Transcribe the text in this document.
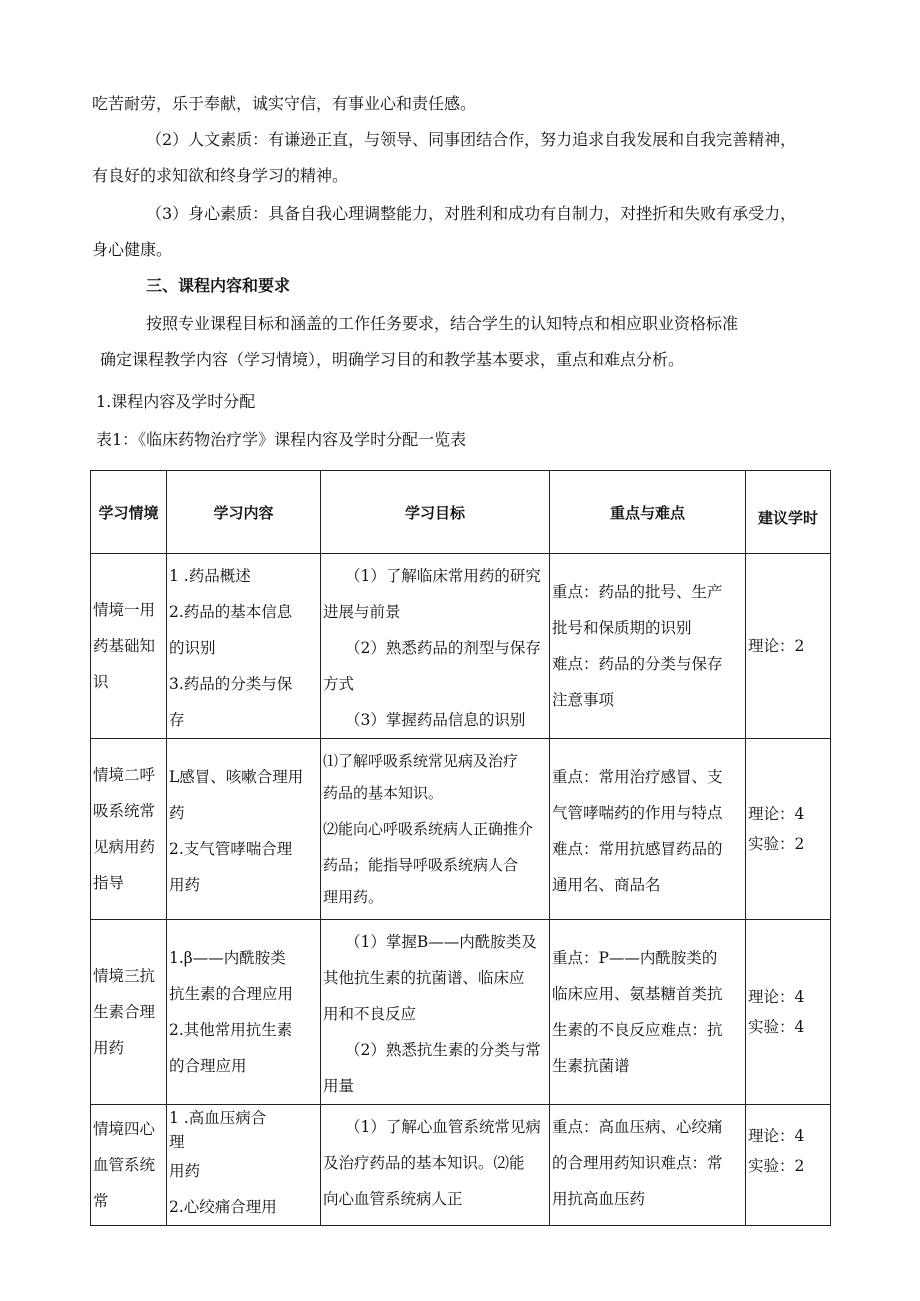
吃苦耐劳，乐于奉献，诚实守信，有事业心和责任感。

（2）人文素质：有谦逊正直，与领导、同事团结合作，努力追求自我发展和自我完善精神，

有良好的求知欲和终身学习的精神。

（3）身心素质：具备自我心理调整能力，对胜利和成功有自制力，对挫折和失败有承受力，

身心健康。

三、课程内容和要求

按照专业课程目标和涵盖的工作任务要求，结合学生的认知特点和相应职业资格标准

确定课程教学内容（学习情境），明确学习目的和教学基本要求，重点和难点分析。

1.课程内容及学时分配

表1：《临床药物治疗学》课程内容及学时分配一览表

学习情境	学习内容	学习目标	重点与难点	建议学时

情境一用
药基础知
识	1 .药品概述
2.药品的基本信息
的识别
3.药品的分类与保
存	（1）了解临床常用药的研究
进展与前景
（2）熟悉药品的剂型与保存
方式
（3）掌握药品信息的识别	重点：药品的批号、生产
批号和保质期的识别
难点：药品的分类与保存
注意事项	理论：2

情境二呼
吸系统常
见病用药
指导	L感冒、咳嗽合理用
药
2.支气管哮喘合理
用药	⑴了解呼吸系统常见病及治疗
药品的基本知识。
⑵能向心呼吸系统病人正确推介
药品；能指导呼吸系统病人合
理用药。	重点：常用治疗感冒、支
气管哮喘药的作用与特点
难点：常用抗感冒药品的
通用名、商品名	理论：4
实验：2

情境三抗
生素合理
用药	1.β——内酰胺类
抗生素的合理应用
2.其他常用抗生素
的合理应用	（1）掌握B——内酰胺类及
其他抗生素的抗菌谱、临床应
用和不良反应
（2）熟悉抗生素的分类与常
用量	重点：P——内酰胺类的
临床应用、氨基糖首类抗
生素的不良反应难点：抗
生素抗菌谱	理论：4
实验：4

情境四心
血管系统
常	1 .高血压病合
理
用药
2.心绞痛合理用	（1）了解心血管系统常见病
及治疗药品的基本知识。⑵能
向心血管系统病人正	重点：高血压病、心绞痛
的合理用药知识难点：常
用抗高血压药	理论：4
实验：2
